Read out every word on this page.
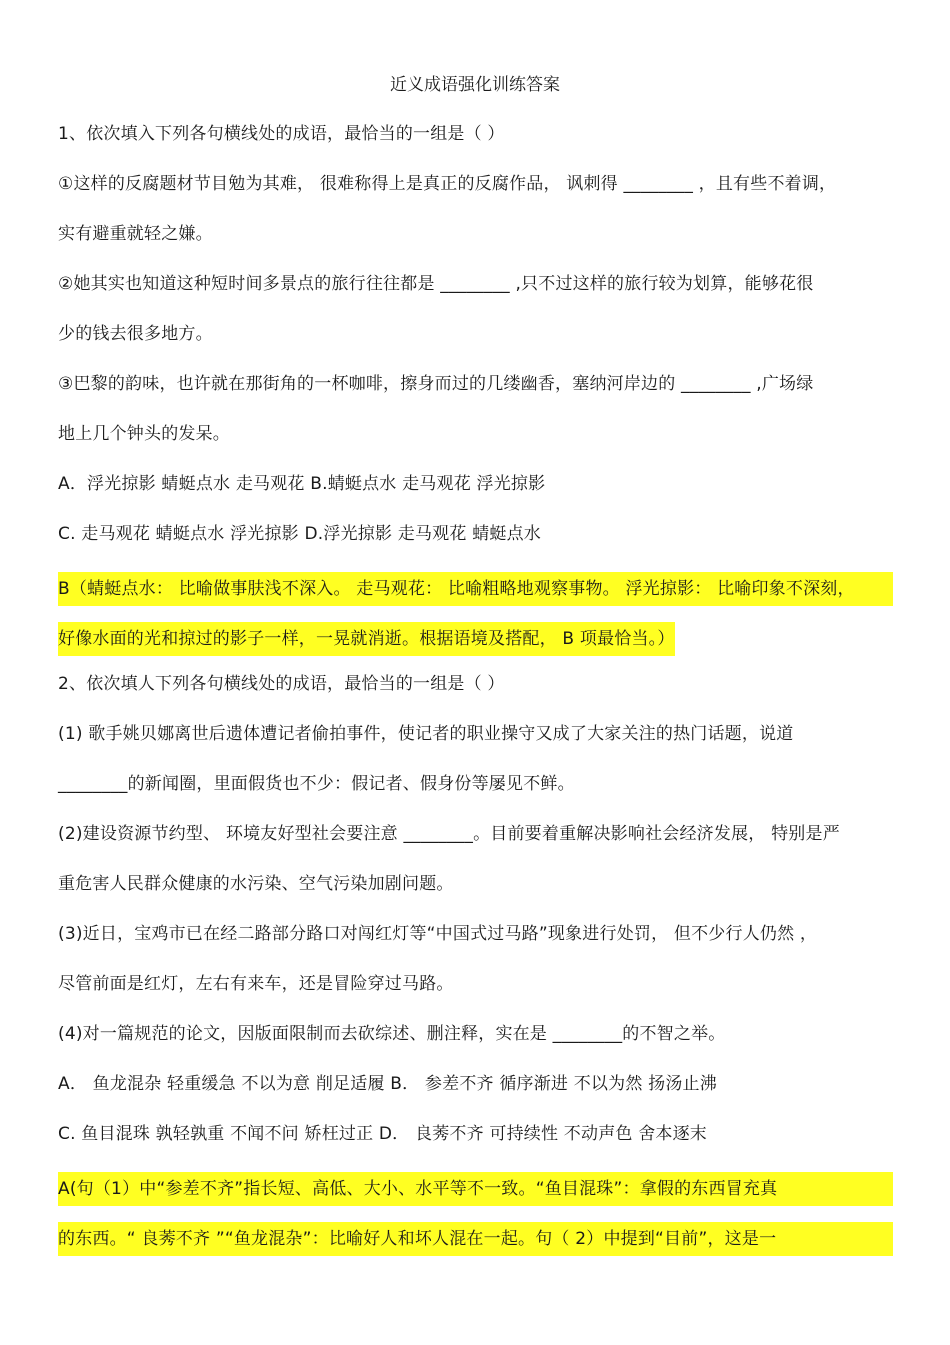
近义成语强化训练答案
1、依次填入下列各句横线处的成语，最恰当的一组是（ ）
①这样的反腐题材节目勉为其难， 很难称得上是真正的反腐作品， 讽刺得 ________ ，且有些不着调，
实有避重就轻之嫌。
②她其实也知道这种短时间多景点的旅行往往都是 ________ ,只不过这样的旅行较为划算，能够花很
少的钱去很多地方。
③巴黎的韵味，也许就在那街角的一杯咖啡，擦身而过的几缕幽香，塞纳河岸边的 ________ ,广场绿
地上几个钟头的发呆。
A．浮光掠影 蜻蜓点水 走马观花 B.蜻蜓点水 走马观花 浮光掠影
C. 走马观花 蜻蜓点水 浮光掠影 D.浮光掠影 走马观花 蜻蜓点水
B（蜻蜓点水： 比喻做事肤浅不深入。 走马观花： 比喻粗略地观察事物。 浮光掠影： 比喻印象不深刻，
好像水面的光和掠过的影子一样，一晃就消逝。根据语境及搭配， B 项最恰当。）
2、依次填人下列各句横线处的成语，最恰当的一组是（ ）
(1) 歌手姚贝娜离世后遗体遭记者偷拍事件，使记者的职业操守又成了大家关注的热门话题，说道
________的新闻圈，里面假货也不少：假记者、假身份等屡见不鲜。
(2)建设资源节约型、 环境友好型社会要注意 ________。目前要着重解决影响社会经济发展， 特别是严
重危害人民群众健康的水污染、空气污染加剧问题。
(3)近日，宝鸡市已在经二路部分路口对闯红灯等“中国式过马路”现象进行处罚， 但不少行人仍然 ，
尽管前面是红灯，左右有来车，还是冒险穿过马路。
(4)对一篇规范的论文，因版面限制而去砍综述、删注释，实在是 ________的不智之举。
A． 鱼龙混杂 轻重缓急 不以为意 削足适履 B． 参差不齐 循序渐进 不以为然 扬汤止沸
C. 鱼目混珠 孰轻孰重 不闻不问 矫枉过正 D． 良莠不齐 可持续性 不动声色 舍本逐末
A(句（1）中“参差不齐”指长短、高低、大小、水平等不一致。“鱼目混珠”：拿假的东西冒充真
的东西。“ 良莠不齐 ”“鱼龙混杂”：比喻好人和坏人混在一起。句（ 2）中提到“目前”，这是一
